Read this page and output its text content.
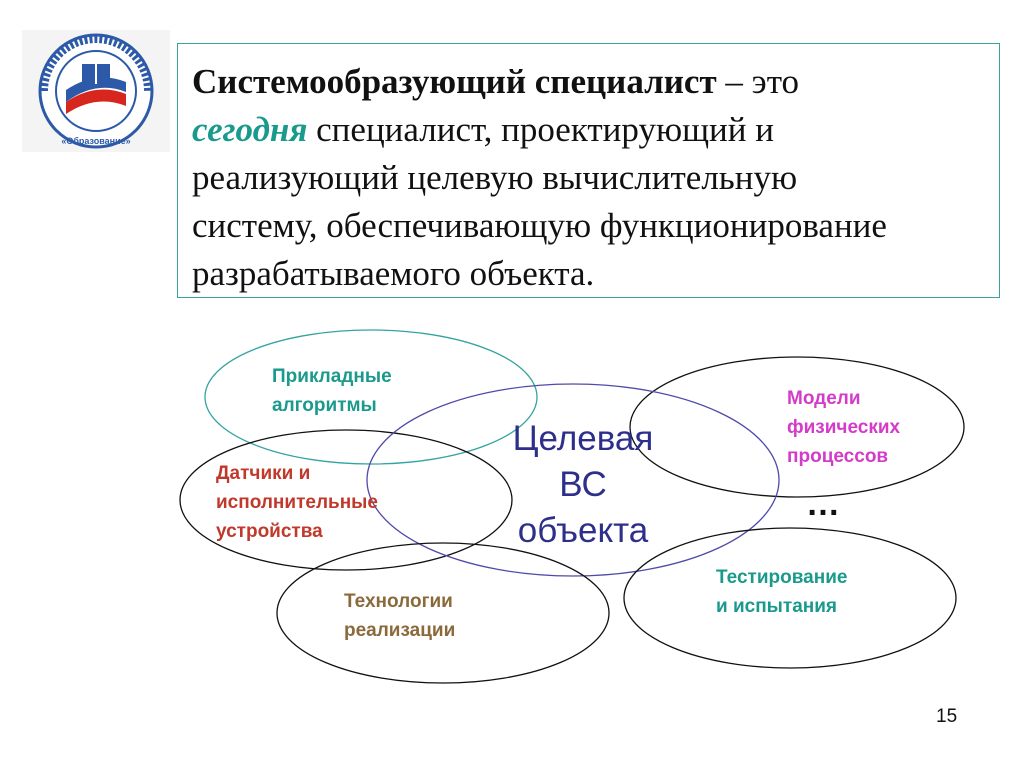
«Образование»
Системообразующий специалист – это
сегодня специалист, проектирующий и
реализующий целевую вычислительную
систему, обеспечивающую функционирование
разрабатываемого объекта.
Прикладные
алгоритмы	Модели
физических
процессов
Датчики и
исполнительные
устройства
Целевая
ВС
объекта
Технологии
реализации
Тестирование
и испытания
…
15
